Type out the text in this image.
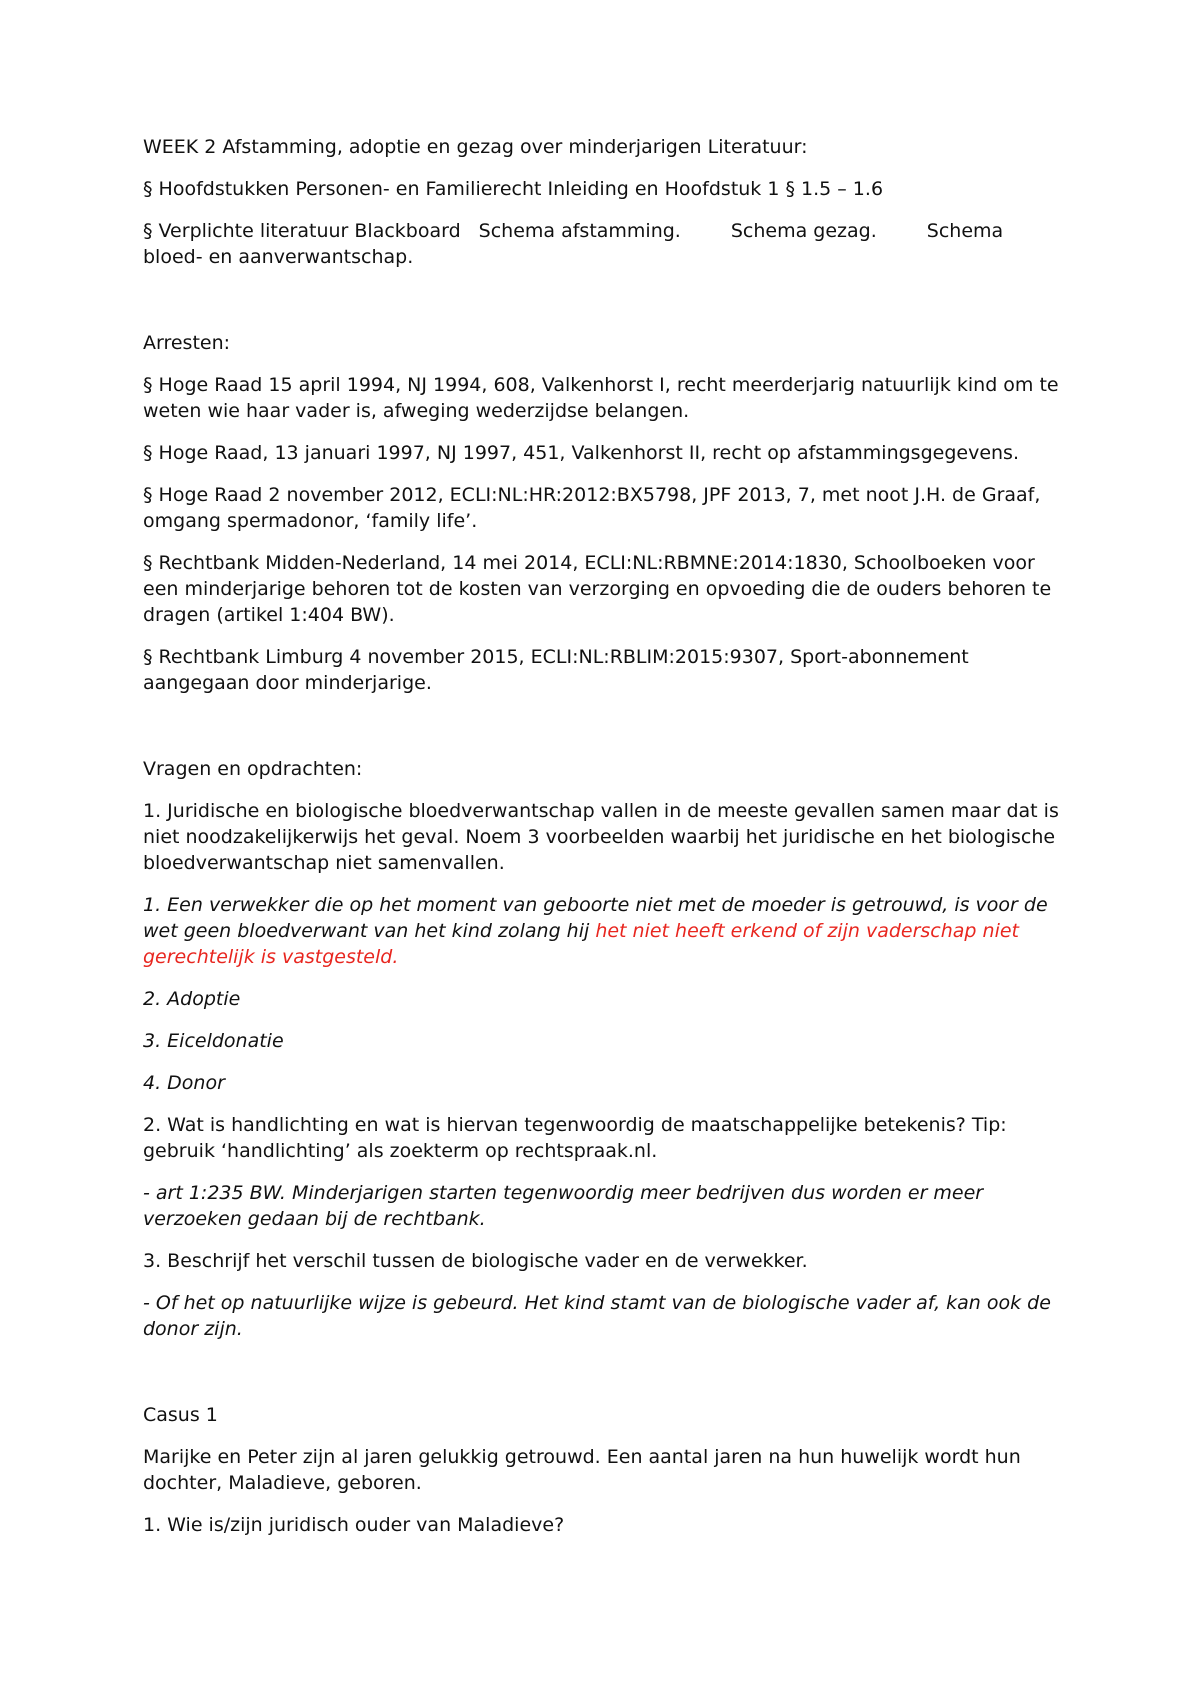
WEEK 2 Afstamming, adoptie en gezag over minderjarigen Literatuur:

§ Hoofdstukken Personen- en Familierecht Inleiding en Hoofdstuk 1 § 1.5 – 1.6

§ Verplichte literatuur Blackboard Schema afstamming.	Schema gezag.	Schema
bloed- en aanverwantschap.

Arresten:

§ Hoge Raad 15 april 1994, NJ 1994, 608, Valkenhorst I, recht meerderjarig natuurlijk kind om te weten wie haar vader is, afweging wederzijdse belangen.

§ Hoge Raad, 13 januari 1997, NJ 1997, 451, Valkenhorst II, recht op afstammingsgegevens.

§ Hoge Raad 2 november 2012, ECLI:NL:HR:2012:BX5798, JPF 2013, 7, met noot J.H. de Graaf, omgang spermadonor, ‘family life’.

§ Rechtbank Midden-Nederland, 14 mei 2014, ECLI:NL:RBMNE:2014:1830, Schoolboeken voor een minderjarige behoren tot de kosten van verzorging en opvoeding die de ouders behoren te dragen (artikel 1:404 BW).

§ Rechtbank Limburg 4 november 2015, ECLI:NL:RBLIM:2015:9307, Sport-abonnement aangegaan door minderjarige.

Vragen en opdrachten:

1. Juridische en biologische bloedverwantschap vallen in de meeste gevallen samen maar dat is niet noodzakelijkerwijs het geval. Noem 3 voorbeelden waarbij het juridische en het biologische bloedverwantschap niet samenvallen.

1. Een verwekker die op het moment van geboorte niet met de moeder is getrouwd, is voor de wet geen bloedverwant van het kind zolang hij het niet heeft erkend of zijn vaderschap niet gerechtelijk is vastgesteld.

2. Adoptie

3. Eiceldonatie

4. Donor

2. Wat is handlichting en wat is hiervan tegenwoordig de maatschappelijke betekenis? Tip: gebruik ‘handlichting’ als zoekterm op rechtspraak.nl.

- art 1:235 BW. Minderjarigen starten tegenwoordig meer bedrijven dus worden er meer verzoeken gedaan bij de rechtbank.

3. Beschrijf het verschil tussen de biologische vader en de verwekker.

- Of het op natuurlijke wijze is gebeurd. Het kind stamt van de biologische vader af, kan ook de donor zijn.

Casus 1

Marijke en Peter zijn al jaren gelukkig getrouwd. Een aantal jaren na hun huwelijk wordt hun dochter, Maladieve, geboren.

1. Wie is/zijn juridisch ouder van Maladieve?
